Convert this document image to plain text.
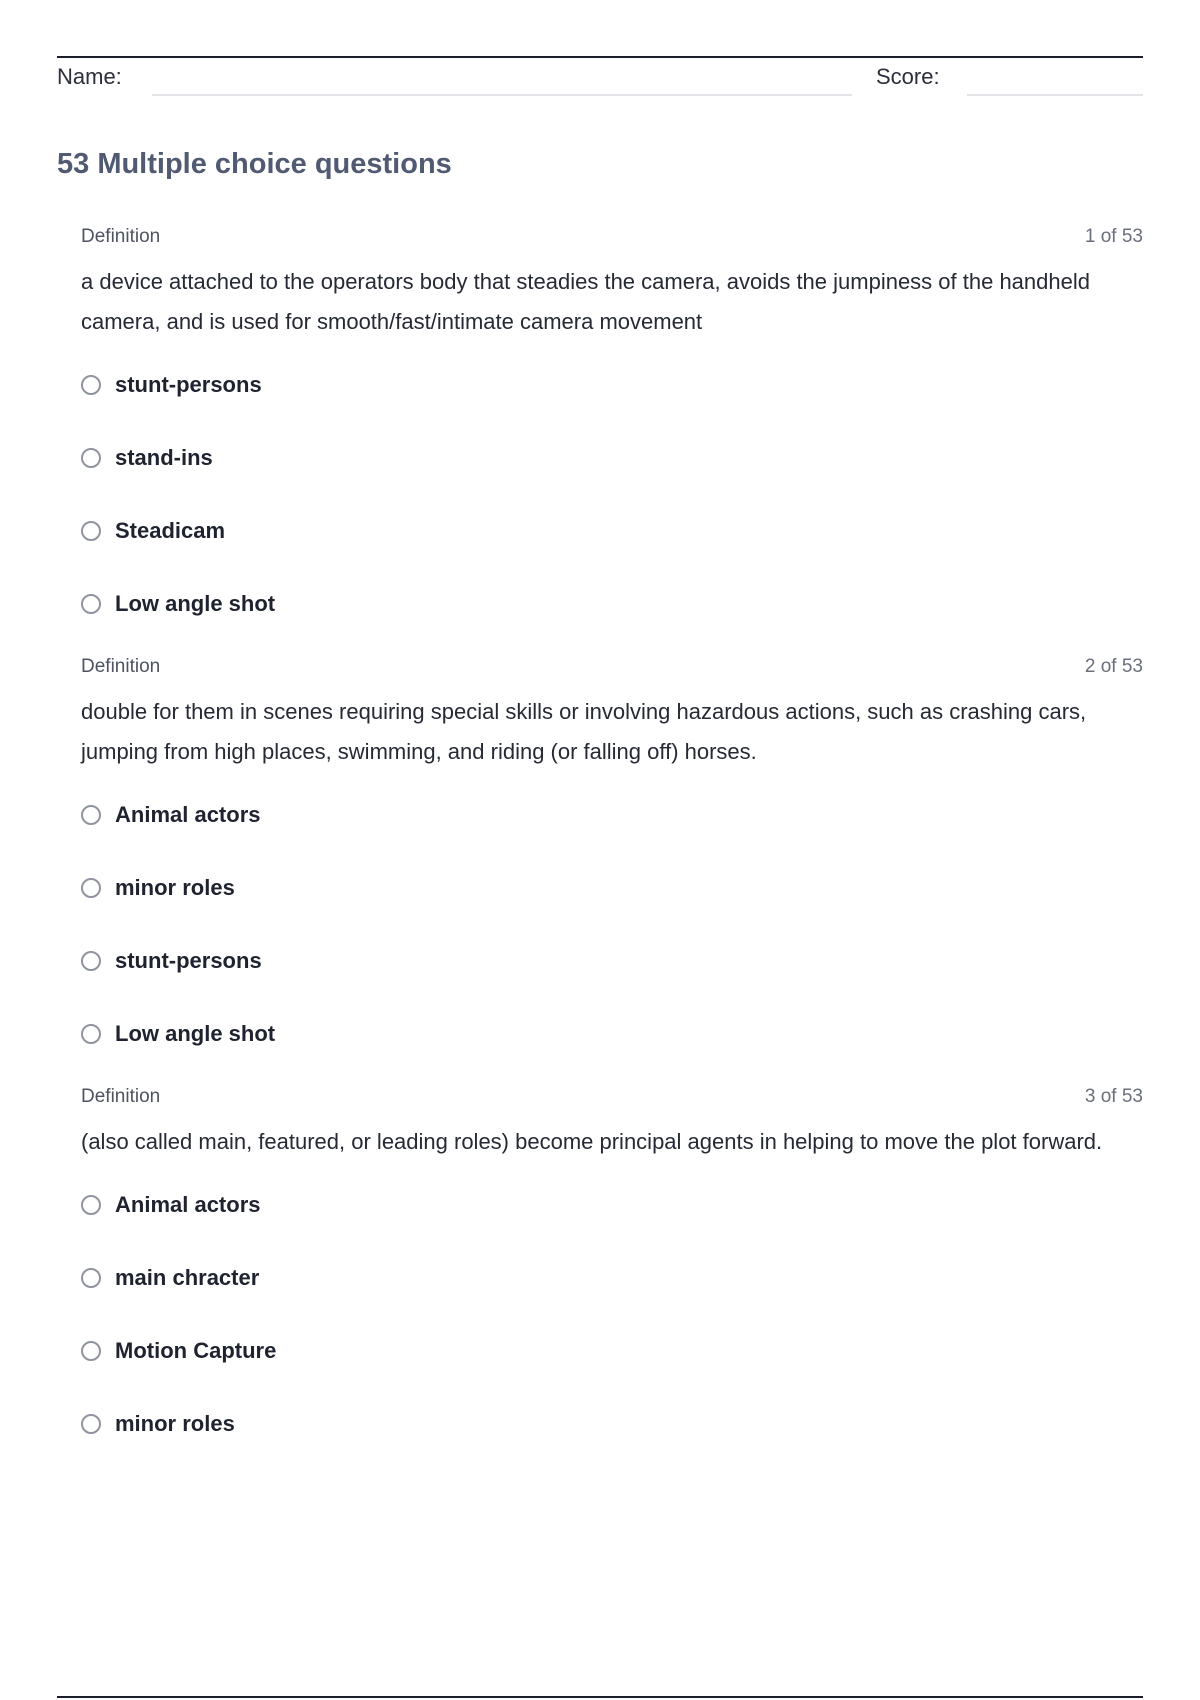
Name:	Score:
53 Multiple choice questions
Definition	1 of 53

a device attached to the operators body that steadies the camera, avoids the jumpiness of the handheld camera, and is used for smooth/fast/intimate camera movement

stunt-persons
stand-ins
Steadicam
Low angle shot
Definition	2 of 53

double for them in scenes requiring special skills or involving hazardous actions, such as crashing cars, jumping from high places, swimming, and riding (or falling off) horses.

Animal actors
minor roles
stunt-persons
Low angle shot
Definition	3 of 53

(also called main, featured, or leading roles) become principal agents in helping to move the plot forward.

Animal actors
main chracter
Motion Capture
minor roles
